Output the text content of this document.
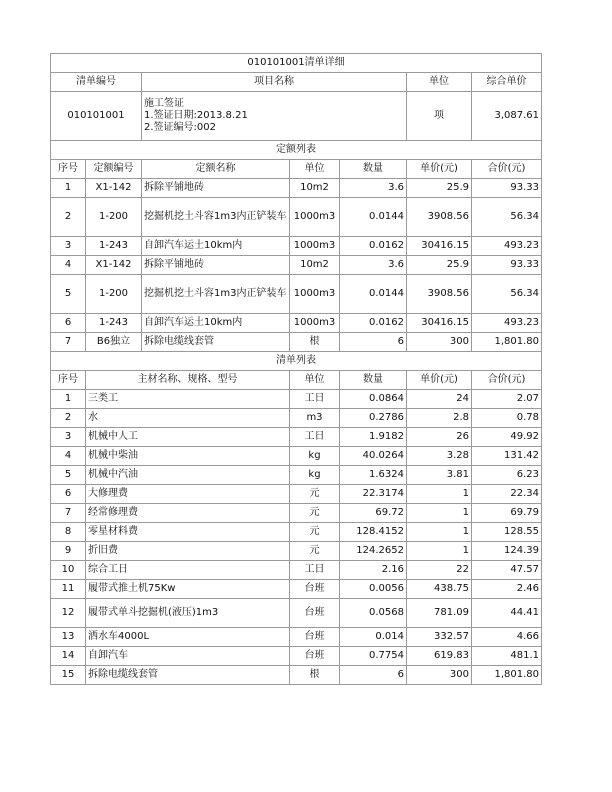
010101001清单详细						
清单编号		项目名称			单位	综合单价
010101001		施工签证
1.签证日期:2013.8.21
2.签证编号:002			项	3,087.61
定额列表						
序号	定额编号	定额名称	单位	数量	单价(元)	合价(元)
1	X1-142	拆除平铺地砖	10m2	3.6	25.9	93.33
2	1-200	挖掘机挖土斗容1m3内正铲装车	1000m3	0.0144	3908.56	56.34
3	1-243	自卸汽车运土10km内	1000m3	0.0162	30416.15	493.23
4	X1-142	拆除平铺地砖	10m2	3.6	25.9	93.33
5	1-200	挖掘机挖土斗容1m3内正铲装车	1000m3	0.0144	3908.56	56.34
6	1-243	自卸汽车运土10km内	1000m3	0.0162	30416.15	493.23
7	B6独立	拆除电缆线套管	根	6	300	1,801.80
清单列表						
序号	主材名称、规格、型号		单位	数量	单价(元)	合价(元)
1	三类工		工日	0.0864	24	2.07
2	水		m3	0.2786	2.8	0.78
3	机械中人工		工日	1.9182	26	49.92
4	机械中柴油		kg	40.0264	3.28	131.42
5	机械中汽油		kg	1.6324	3.81	6.23
6	大修理费		元	22.3174	1	22.34
7	经常修理费		元	69.72	1	69.79
8	零星材料费		元	128.4152	1	128.55
9	折旧费		元	124.2652	1	124.39
10	综合工日		工日	2.16	22	47.57
11	履带式推土机75Kw		台班	0.0056	438.75	2.46
12	履带式单斗挖掘机(液压)1m3		台班	0.0568	781.09	44.41
13	洒水车4000L		台班	0.014	332.57	4.66
14	自卸汽车		台班	0.7754	619.83	481.1
15	拆除电缆线套管		根	6	300	1,801.80
